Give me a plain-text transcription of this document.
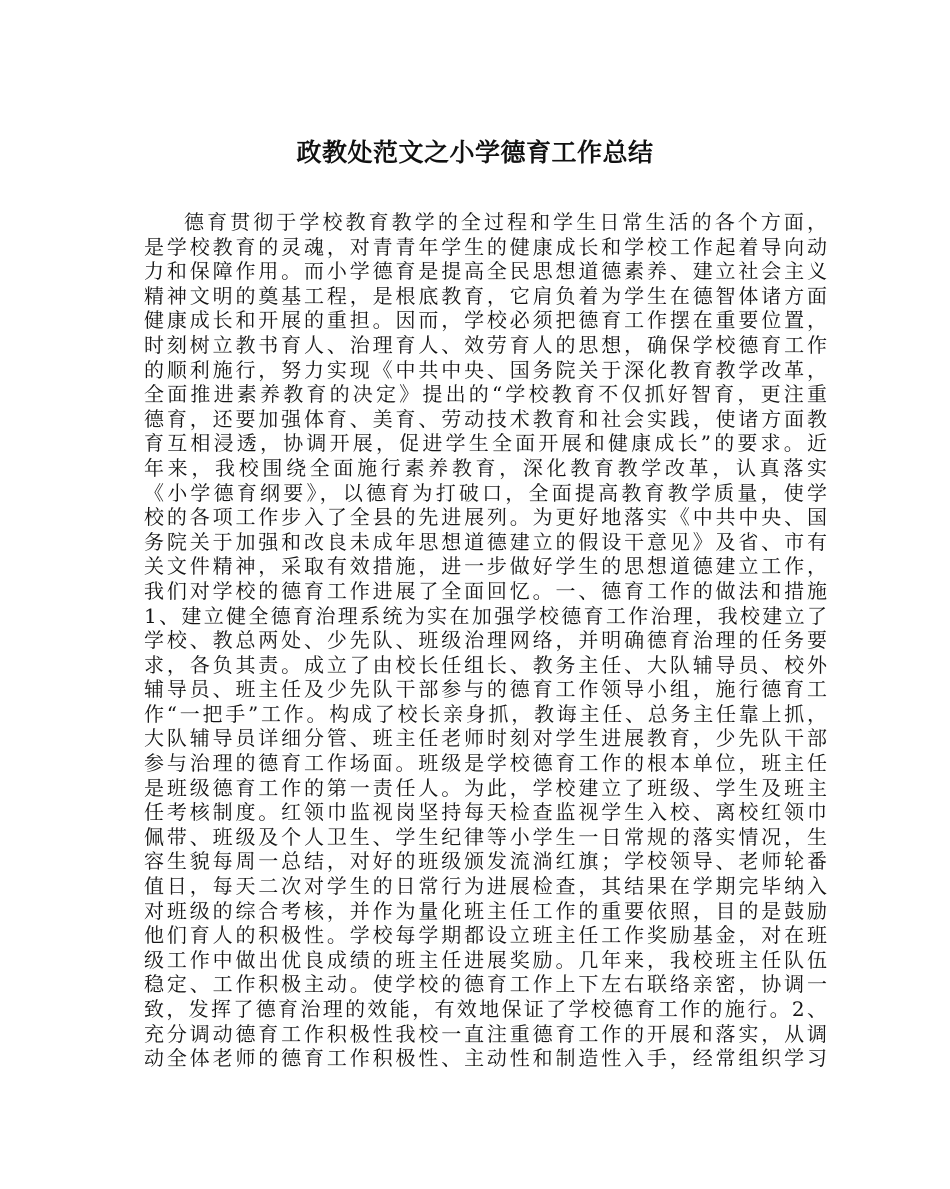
政教处范文之小学德育工作总结
德育贯彻于学校教育教学的全过程和学生日常生活的各个方面，
是学校教育的灵魂，对青青年学生的健康成长和学校工作起着导向动
力和保障作用。而小学德育是提高全民思想道德素养、建立社会主义
精神文明的奠基工程，是根底教育，它肩负着为学生在德智体诸方面
健康成长和开展的重担。因而，学校必须把德育工作摆在重要位置，
时刻树立教书育人、治理育人、效劳育人的思想，确保学校德育工作
的顺利施行，努力实现《中共中央、国务院关于深化教育教学改革，
全面推进素养教育的决定》提出的“学校教育不仅抓好智育，更注重
德育，还要加强体育、美育、劳动技术教育和社会实践，使诸方面教
育互相浸透，协调开展，促进学生全面开展和健康成长”的要求。近
年来，我校围绕全面施行素养教育，深化教育教学改革，认真落实
《小学德育纲要》，以德育为打破口，全面提高教育教学质量，使学
校的各项工作步入了全县的先进展列。为更好地落实《中共中央、国
务院关于加强和改良未成年思想道德建立的假设干意见》及省、市有
关文件精神，采取有效措施，进一步做好学生的思想道德建立工作，
我们对学校的德育工作进展了全面回忆。一、德育工作的做法和措施
1、建立健全德育治理系统为实在加强学校德育工作治理，我校建立了
学校、教总两处、少先队、班级治理网络，并明确德育治理的任务要
求，各负其责。成立了由校长任组长、教务主任、大队辅导员、校外
辅导员、班主任及少先队干部参与的德育工作领导小组，施行德育工
作“一把手”工作。构成了校长亲身抓，教诲主任、总务主任靠上抓，
大队辅导员详细分管、班主任老师时刻对学生进展教育，少先队干部
参与治理的德育工作场面。班级是学校德育工作的根本单位，班主任
是班级德育工作的第一责任人。为此，学校建立了班级、学生及班主
任考核制度。红领巾监视岗坚持每天检查监视学生入校、离校红领巾
佩带、班级及个人卫生、学生纪律等小学生一日常规的落实情况，生
容生貌每周一总结，对好的班级颁发流淌红旗；学校领导、老师轮番
值日，每天二次对学生的日常行为进展检查，其结果在学期完毕纳入
对班级的综合考核，并作为量化班主任工作的重要依照，目的是鼓励
他们育人的积极性。学校每学期都设立班主任工作奖励基金，对在班
级工作中做出优良成绩的班主任进展奖励。几年来，我校班主任队伍
稳定、工作积极主动。使学校的德育工作上下左右联络亲密，协调一
致，发挥了德育治理的效能，有效地保证了学校德育工作的施行。2、
充分调动德育工作积极性我校一直注重德育工作的开展和落实，从调
动全体老师的德育工作积极性、主动性和制造性入手，经常组织学习
